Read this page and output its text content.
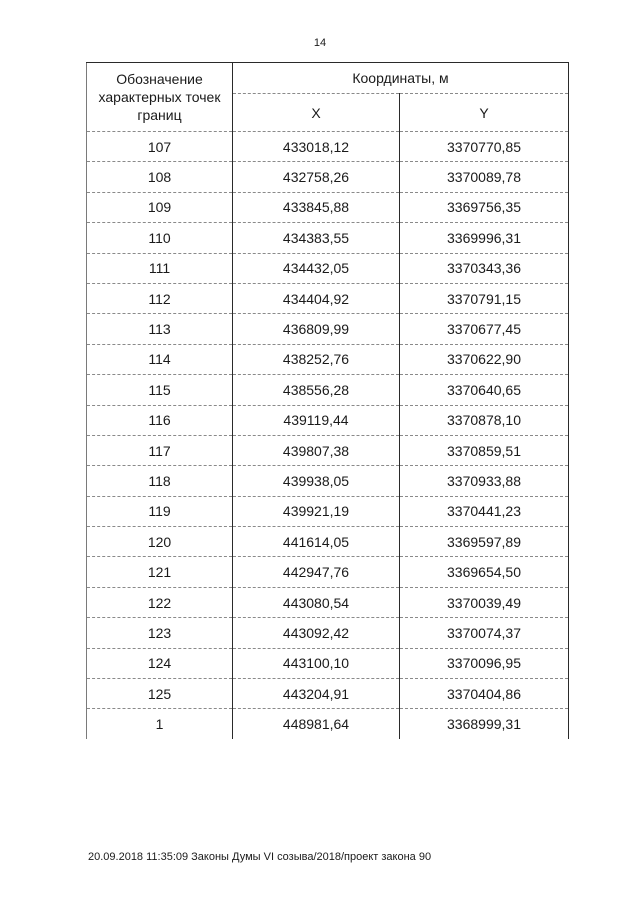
14
Обозначение характерных точек границ	Координаты, м	
	X	Y
107	433018,12	3370770,85
108	432758,26	3370089,78
109	433845,88	3369756,35
110	434383,55	3369996,31
111	434432,05	3370343,36
112	434404,92	3370791,15
113	436809,99	3370677,45
114	438252,76	3370622,90
115	438556,28	3370640,65
116	439119,44	3370878,10
117	439807,38	3370859,51
118	439938,05	3370933,88
119	439921,19	3370441,23
120	441614,05	3369597,89
121	442947,76	3369654,50
122	443080,54	3370039,49
123	443092,42	3370074,37
124	443100,10	3370096,95
125	443204,91	3370404,86
1	448981,64	3368999,31
20.09.2018 11:35:09 Законы Думы VI созыва/2018/проект закона 90
